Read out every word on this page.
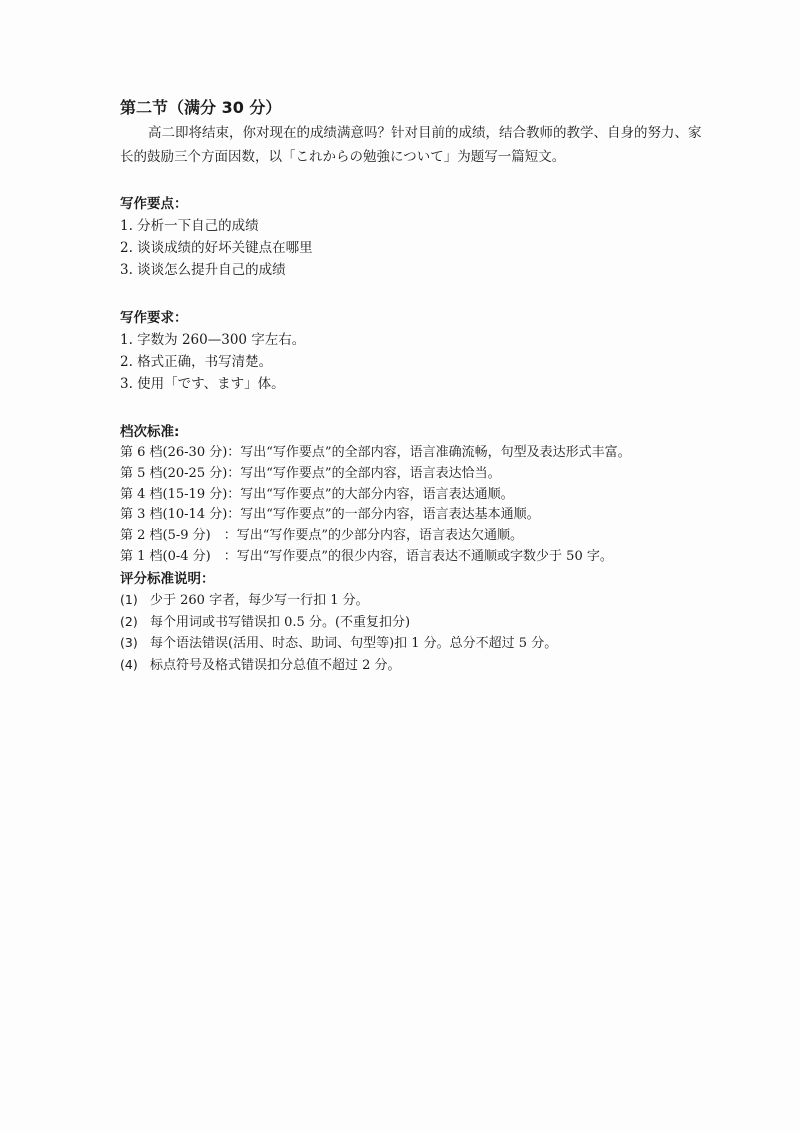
第二节（满分 30 分）

高二即将结束，你对现在的成绩满意吗？针对目前的成绩，结合教师的教学、自身的努力、家长的鼓励三个方面因数，以「これからの勉強について」为题写一篇短文。

写作要点：
1. 分析一下自己的成绩
2. 谈谈成绩的好坏关键点在哪里
3. 谈谈怎么提升自己的成绩
写作要求：
1. 字数为 260—300 字左右。
2. 格式正确，书写清楚。
3. 使用「です、ます」体。
档次标准:
第 6 档(26-30 分)：写出“写作要点”的全部内容，语言准确流畅，句型及表达形式丰富。
第 5 档(20-25 分)：写出“写作要点”的全部内容，语言表达恰当。
第 4 档(15-19 分)：写出“写作要点”的大部分内容，语言表达通顺。
第 3 档(10-14 分)：写出“写作要点”的一部分内容，语言表达基本通顺。
第 2 档(5-9 分)　：写出“写作要点”的少部分内容，语言表达欠通顺。
第 1 档(0-4 分)　：写出“写作要点”的很少内容，语言表达不通顺或字数少于 50 字。
评分标准说明：
(1) 少于 260 字者，每少写一行扣 1 分。
(2) 每个用词或书写错误扣 0.5 分。(不重复扣分)
(3) 每个语法错误(活用、时态、助词、句型等)扣 1 分。总分不超过 5 分。
(4) 标点符号及格式错误扣分总值不超过 2 分。
